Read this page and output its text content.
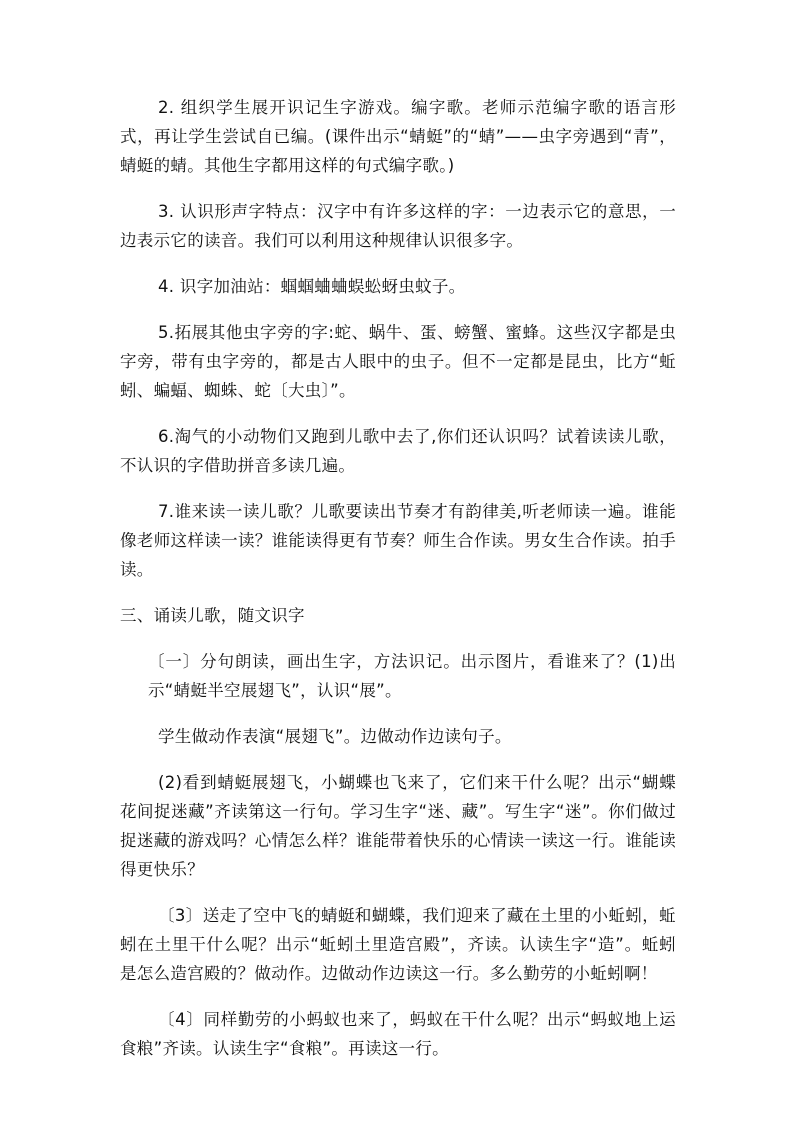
2. 组织学生展开识记生字游戏。编字歌。老师示范编字歌的语言形式，再让学生尝试自已编。(课件出示“蜻蜓”的“蜻”——虫字旁遇到“青”，蜻蜓的蜻。其他生字都用这样的句式编字歌。)

3. 认识形声字特点：汉字中有许多这样的字：一边表示它的意思，一边表示它的读音。我们可以利用这种规律认识很多字。

4. 识字加油站：蝈蝈蛐蛐蜈蚣蚜虫蚊子。

5.拓展其他虫字旁的字:蛇、蜗牛、蛋、螃蟹、蜜蜂。这些汉字都是虫字旁，带有虫字旁的，都是古人眼中的虫子。但不一定都是昆虫，比方“蚯蚓、蝙蝠、蜘蛛、蛇〔大虫〕”。

6.淘气的小动物们又跑到儿歌中去了,你们还认识吗？试着读读儿歌，不认识的字借助拼音多读几遍。

7.谁来读一读儿歌？儿歌要读出节奏才有韵律美,听老师读一遍。谁能像老师这样读一读？谁能读得更有节奏？师生合作读。男女生合作读。拍手读。

三、诵读儿歌，随文识字

〔一〕分句朗读，画出生字，方法识记。出示图片，看谁来了？(1)出示“蜻蜓半空展翅飞”，认识“展”。

学生做动作表演“展翅飞”。边做动作边读句子。

(2)看到蜻蜓展翅飞，小蝴蝶也飞来了，它们来干什么呢？出示“蝴蝶花间捉迷藏”齐读第这一行句。学习生字“迷、藏”。写生字“迷”。你们做过捉迷藏的游戏吗？心情怎么样？谁能带着快乐的心情读一读这一行。谁能读得更快乐？

〔3〕送走了空中飞的蜻蜓和蝴蝶，我们迎来了藏在土里的小蚯蚓，蚯蚓在土里干什么呢？出示“蚯蚓土里造宫殿”，齐读。认读生字“造”。蚯蚓是怎么造宫殿的？做动作。边做动作边读这一行。多么勤劳的小蚯蚓啊！

〔4〕同样勤劳的小蚂蚁也来了，蚂蚁在干什么呢？出示“蚂蚁地上运食粮”齐读。认读生字“食粮”。再读这一行。
